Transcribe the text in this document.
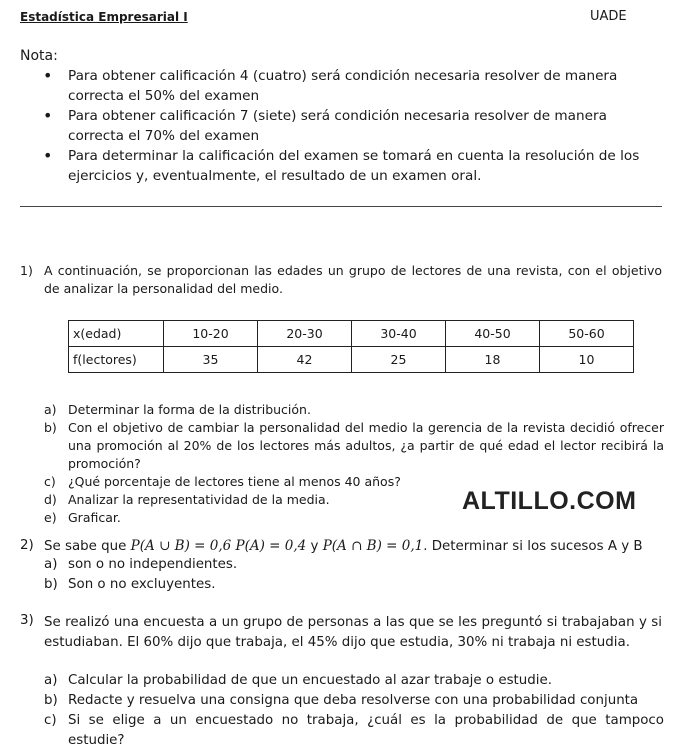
Estadística Empresarial I	UADE
Nota:
• Para obtener calificación 4 (cuatro) será condición necesaria resolver de manera correcta el 50% del examen
• Para obtener calificación 7 (siete) será condición necesaria resolver de manera correcta el 70% del examen
• Para determinar la calificación del examen se tomará en cuenta la resolución de los ejercicios y, eventualmente, el resultado de un examen oral.
1) A continuación, se proporcionan las edades un grupo de lectores de una revista, con el objetivo de analizar la personalidad del medio.
x(edad)	10-20	20-30	30-40	40-50	50-60
f(lectores)	35	42	25	18	10
a) Determinar la forma de la distribución.
b) Con el objetivo de cambiar la personalidad del medio la gerencia de la revista decidió ofrecer una promoción al 20% de los lectores más adultos, ¿a partir de qué edad el lector recibirá la promoción?
c) ¿Qué porcentaje de lectores tiene al menos 40 años?
d) Analizar la representatividad de la media.
e) Graficar.
ALTILLO.COM
2) Se sabe que P(A ∪ B) = 0,6 P(A) = 0,4 y P(A ∩ B) = 0,1. Determinar si los sucesos A y B
a) son o no independientes.
b) Son o no excluyentes.
3) Se realizó una encuesta a un grupo de personas a las que se les preguntó si trabajaban y si estudiaban. El 60% dijo que trabaja, el 45% dijo que estudia, 30% ni trabaja ni estudia.
a) Calcular la probabilidad de que un encuestado al azar trabaje o estudie.
b) Redacte y resuelva una consigna que deba resolverse con una probabilidad conjunta
c) Si se elige a un encuestado no trabaja, ¿cuál es la probabilidad de que tampoco estudie?
